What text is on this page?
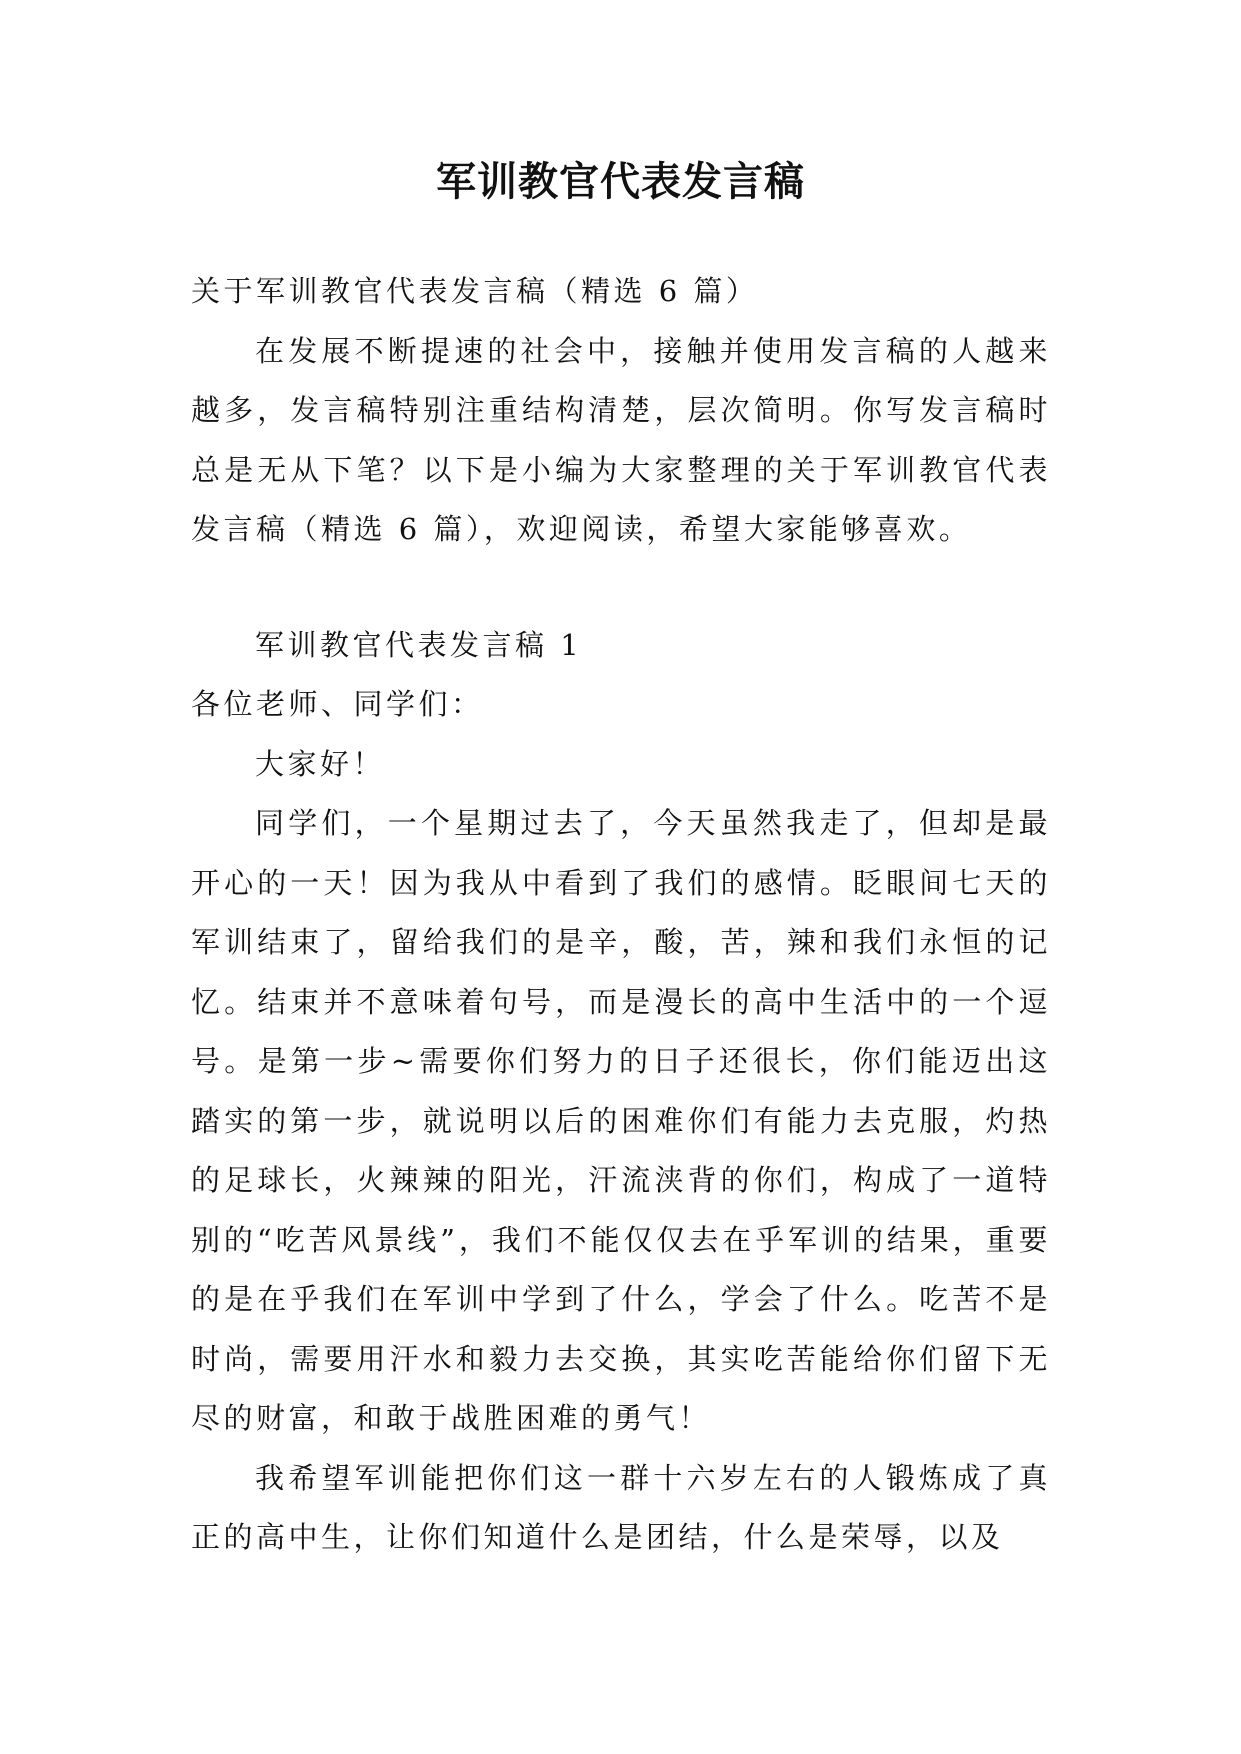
军训教官代表发言稿

关于军训教官代表发言稿（精选 6 篇）

在发展不断提速的社会中，接触并使用发言稿的人越来越多，发言稿特别注重结构清楚，层次简明。你写发言稿时总是无从下笔？以下是小编为大家整理的关于军训教官代表发言稿（精选 6 篇），欢迎阅读，希望大家能够喜欢。

军训教官代表发言稿 1

各位老师、同学们：

大家好！

同学们，一个星期过去了，今天虽然我走了，但却是最开心的一天！因为我从中看到了我们的感情。眨眼间七天的军训结束了，留给我们的是辛，酸，苦，辣和我们永恒的记忆。结束并不意味着句号，而是漫长的高中生活中的一个逗号。是第一步~需要你们努力的日子还很长，你们能迈出这踏实的第一步，就说明以后的困难你们有能力去克服，灼热的足球长，火辣辣的阳光，汗流浃背的你们，构成了一道特别的“吃苦风景线”，我们不能仅仅去在乎军训的结果，重要的是在乎我们在军训中学到了什么，学会了什么。吃苦不是时尚，需要用汗水和毅力去交换，其实吃苦能给你们留下无尽的财富，和敢于战胜困难的勇气！

我希望军训能把你们这一群十六岁左右的人锻炼成了真正的高中生，让你们知道什么是团结，什么是荣辱，以及
